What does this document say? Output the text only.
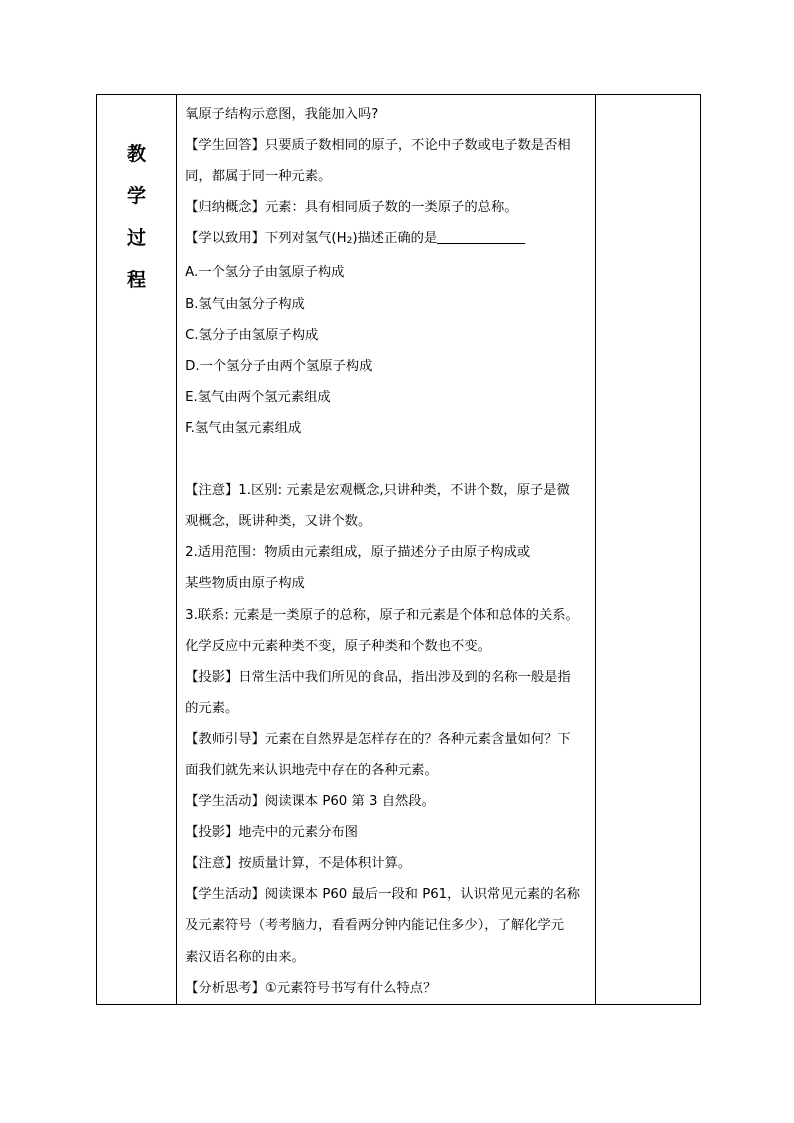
教
学
过
程

氧原子结构示意图，我能加入吗?

【学生回答】只要质子数相同的原子，不论中子数或电子数是否相

同，都属于同一种元素。

【归纳概念】元素：具有相同质子数的一类原子的总称。

【学以致用】下列对氢气(H2)描述正确的是

A.一个氢分子由氢原子构成

B.氢气由氢分子构成

C.氢分子由氢原子构成

D.一个氢分子由两个氢原子构成

E.氢气由两个氢元素组成

F.氢气由氢元素组成

【注意】1.区别: 元素是宏观概念,只讲种类，不讲个数，原子是微

观概念，既讲种类，又讲个数。

2.适用范围：物质由元素组成，原子描述分子由原子构成或

某些物质由原子构成

3.联系: 元素是一类原子的总称，原子和元素是个体和总体的关系。

化学反应中元素种类不变，原子种类和个数也不变。

【投影】日常生活中我们所见的食品，指出涉及到的名称一般是指

的元素。

【教师引导】元素在自然界是怎样存在的？各种元素含量如何？下

面我们就先来认识地壳中存在的各种元素。

【学生活动】阅读课本 P60 第 3 自然段。

【投影】地壳中的元素分布图

【注意】按质量计算，不是体积计算。

【学生活动】阅读课本 P60 最后一段和 P61，认识常见元素的名称

及元素符号（考考脑力，看看两分钟内能记住多少），了解化学元

素汉语名称的由来。

【分析思考】①元素符号书写有什么特点？
